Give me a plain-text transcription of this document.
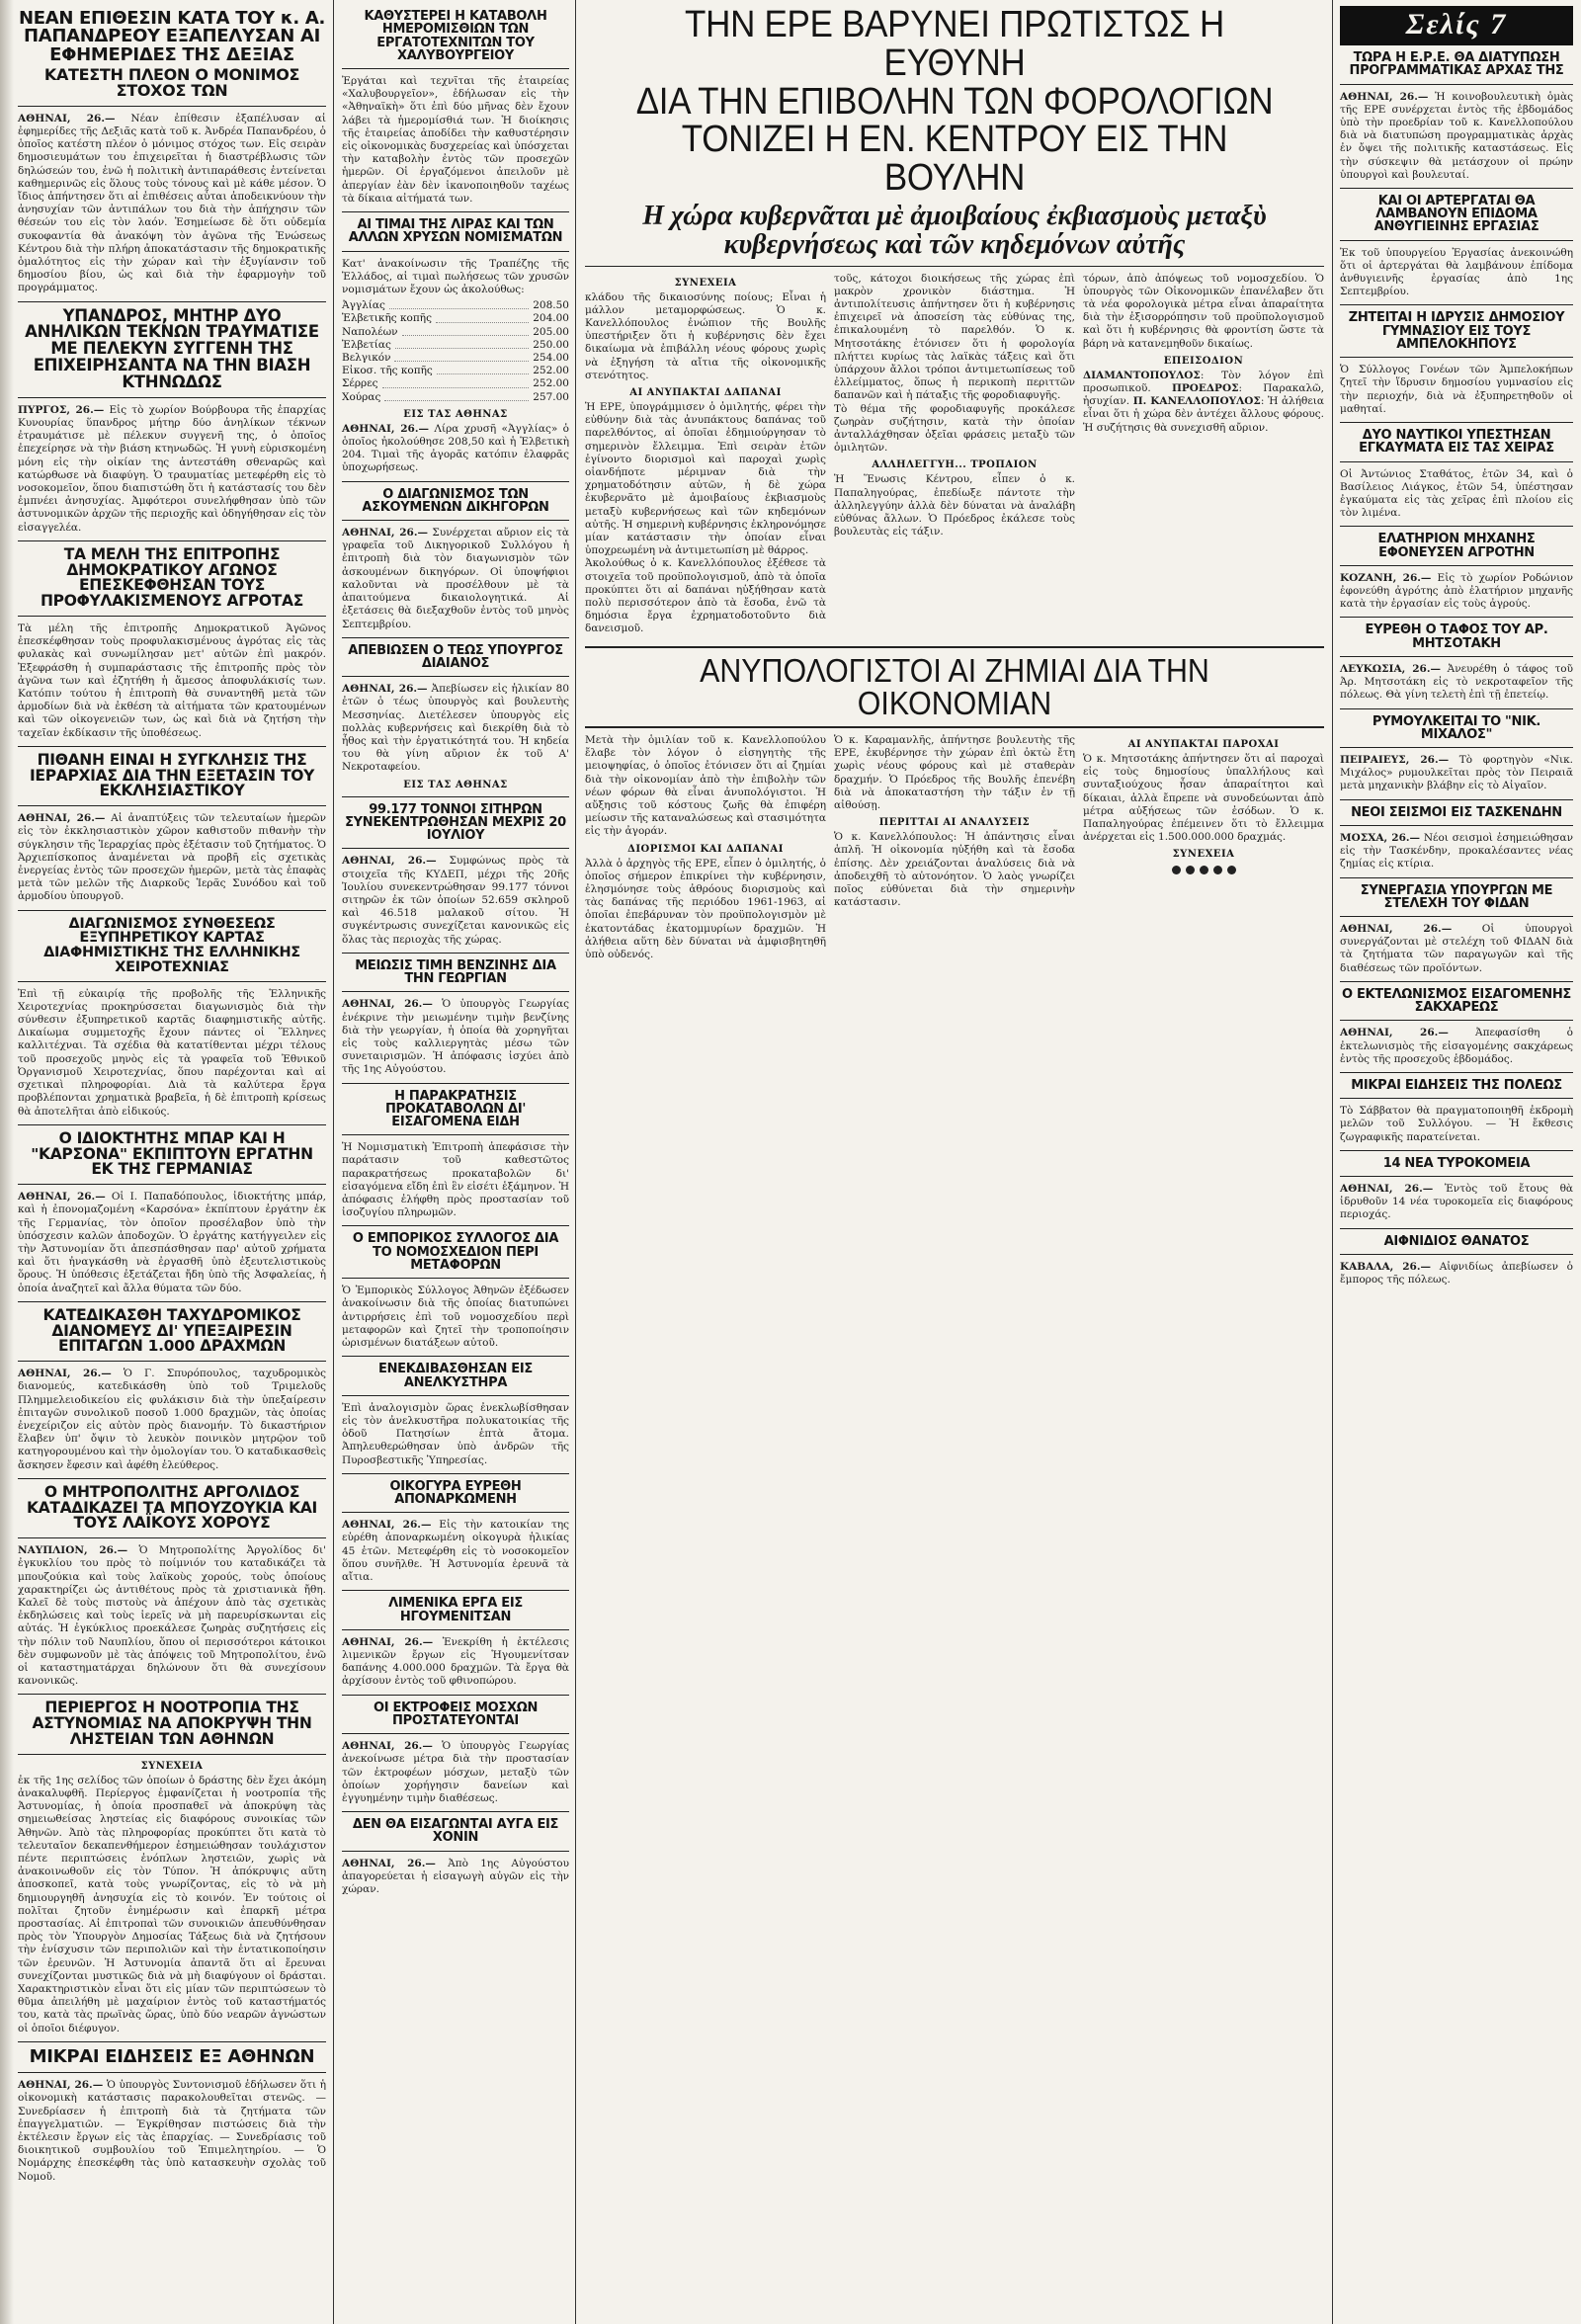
ΝΕΑΝ ΕΠΙΘΕΣΙΝ ΚΑΤΑ ΤΟΥ κ. Α. ΠΑΠΑΝΔΡΕΟΥ ΕΞΑΠΕΛΥΣΑΝ ΑΙ ΕΦΗΜΕΡΙΔΕΣ ΤΗΣ ΔΕΞΙΑΣ

ΚΑΤΕΣΤΗ ΠΛΕΟΝ Ο ΜΟΝΙΜΟΣ ΣΤΟΧΟΣ ΤΩΝ

ΑΘΗΝΑΙ, 26.— Νέαν ἐπίθεσιν ἐξαπέλυσαν αἱ ἐφημερίδες τῆς Δεξιᾶς κατὰ τοῦ κ. Ἀνδρέα Παπανδρέου, ὁ ὁποῖος κατέστη πλέον ὁ μόνιμος στόχος των. Εἰς σειρὰν δημοσιευμάτων του ἐπιχειρεῖται ἡ διαστρέβλωσις τῶν δηλώσεών του, ἐνῶ ἡ πολιτικὴ ἀντιπαράθεσις ἐντείνεται καθημερινῶς εἰς ὅλους τοὺς τόνους καὶ μὲ κάθε μέσον. Ὁ ἴδιος ἀπήντησεν ὅτι αἱ ἐπιθέσεις αὗται ἀποδεικνύουν τὴν ἀνησυχίαν τῶν ἀντιπάλων του διὰ τὴν ἀπήχησιν τῶν θέσεών του εἰς τὸν λαόν. Ἐσημείωσε δὲ ὅτι οὐδεμία συκοφαντία θὰ ἀνακόψη τὸν ἀγῶνα τῆς Ἑνώσεως Κέντρου διὰ τὴν πλήρη ἀποκατάστασιν τῆς δημοκρατικῆς ὁμαλότητος εἰς τὴν χώραν καὶ τὴν ἐξυγίανσιν τοῦ δημοσίου βίου, ὡς καὶ διὰ τὴν ἐφαρμογὴν τοῦ προγράμματος.

ΥΠΑΝΔΡΟΣ, ΜΗΤΗΡ ΔΥΟ ΑΝΗΛΙΚΩΝ ΤΕΚΝΩΝ ΤΡΑΥΜΑΤΙΣΕ ΜΕ ΠΕΛΕΚΥΝ ΣΥΓΓΕΝΗ ΤΗΣ ΕΠΙΧΕΙΡΗΣΑΝΤΑ ΝΑ ΤΗΝ ΒΙΑΣΗ ΚΤΗΝΩΔΩΣ

ΠΥΡΓΟΣ, 26.— Εἰς τὸ χωρίον Βούρβουρα τῆς ἐπαρχίας Κυνουρίας ὕπανδρος μήτηρ δύο ἀνηλίκων τέκνων ἐτραυμάτισε μὲ πέλεκυν συγγενῆ της, ὁ ὁποῖος ἐπεχείρησε νὰ τὴν βιάση κτηνωδῶς. Ἡ γυνὴ εὑρισκομένη μόνη εἰς τὴν οἰκίαν της ἀντεστάθη σθεναρῶς καὶ κατώρθωσε νὰ διαφύγη. Ὁ τραυματίας μετεφέρθη εἰς τὸ νοσοκομεῖον, ὅπου διαπιστώθη ὅτι ἡ κατάστασίς του δὲν ἐμπνέει ἀνησυχίας. Ἀμφότεροι συνελήφθησαν ὑπὸ τῶν ἀστυνομικῶν ἀρχῶν τῆς περιοχῆς καὶ ὁδηγήθησαν εἰς τὸν εἰσαγγελέα.

ΤΑ ΜΕΛΗ ΤΗΣ ΕΠΙΤΡΟΠΗΣ ΔΗΜΟΚΡΑΤΙΚΟΥ ΑΓΩΝΟΣ ΕΠΕΣΚΕΦΘΗΣΑΝ ΤΟΥΣ ΠΡΟΦΥΛΑΚΙΣΜΕΝΟΥΣ ΑΓΡΟΤΑΣ

Τὰ μέλη τῆς ἐπιτροπῆς Δημοκρατικοῦ Ἀγῶνος ἐπεσκέφθησαν τοὺς προφυλακισμένους ἀγρότας εἰς τὰς φυλακὰς καὶ συνωμίλησαν μετ' αὐτῶν ἐπὶ μακρόν. Ἐξεφράσθη ἡ συμπαράστασις τῆς ἐπιτροπῆς πρὸς τὸν ἀγῶνα των καὶ ἐζητήθη ἡ ἄμεσος ἀποφυλάκισίς των. Κατόπιν τούτου ἡ ἐπιτροπὴ θὰ συναντηθῆ μετὰ τῶν ἀρμοδίων διὰ νὰ ἐκθέση τὰ αἰτήματα τῶν κρατουμένων καὶ τῶν οἰκογενειῶν των, ὡς καὶ διὰ νὰ ζητήση τὴν ταχεῖαν ἐκδίκασιν τῆς ὑποθέσεως.

ΠΙΘΑΝΗ ΕΙΝΑΙ Η ΣΥΓΚΛΗΣΙΣ ΤΗΣ ΙΕΡΑΡΧΙΑΣ ΔΙΑ ΤΗΝ ΕΞΕΤΑΣΙΝ ΤΟΥ ΕΚΚΛΗΣΙΑΣΤΙΚΟΥ

ΑΘΗΝΑΙ, 26.— Αἱ ἀναπτύξεις τῶν τελευταίων ἡμερῶν εἰς τὸν ἐκκλησιαστικὸν χῶρον καθιστοῦν πιθανὴν τὴν σύγκλησιν τῆς Ἱεραρχίας πρὸς ἐξέτασιν τοῦ ζητήματος. Ὁ Ἀρχιεπίσκοπος ἀναμένεται νὰ προβῆ εἰς σχετικὰς ἐνεργείας ἐντὸς τῶν προσεχῶν ἡμερῶν, μετὰ τὰς ἐπαφὰς μετὰ τῶν μελῶν τῆς Διαρκοῦς Ἱερᾶς Συνόδου καὶ τοῦ ἁρμοδίου ὑπουργοῦ.

ΔΙΑΓΩΝΙΣΜΟΣ ΣΥΝΘΕΣΕΩΣ ΕΞΥΠΗΡΕΤΙΚΟΥ ΚΑΡΤΑΣ ΔΙΑΦΗΜΙΣΤΙΚΗΣ ΤΗΣ ΕΛΛΗΝΙΚΗΣ ΧΕΙΡΟΤΕΧΝΙΑΣ

Ἐπὶ τῇ εὐκαιρίᾳ τῆς προβολῆς τῆς Ἑλληνικῆς Χειροτεχνίας προκηρύσσεται διαγωνισμὸς διὰ τὴν σύνθεσιν ἐξυπηρετικοῦ καρτᾶς διαφημιστικῆς αὐτῆς. Δικαίωμα συμμετοχῆς ἔχουν πάντες οἱ Ἕλληνες καλλιτέχναι. Τὰ σχέδια θὰ κατατίθενται μέχρι τέλους τοῦ προσεχοῦς μηνὸς εἰς τὰ γραφεῖα τοῦ Ἐθνικοῦ Ὀργανισμοῦ Χειροτεχνίας, ὅπου παρέχονται καὶ αἱ σχετικαὶ πληροφορίαι. Διὰ τὰ καλύτερα ἔργα προβλέπονται χρηματικὰ βραβεῖα, ἡ δὲ ἐπιτροπὴ κρίσεως θὰ ἀποτελῆται ἀπὸ εἰδικούς.

Ο ΙΔΙΟΚΤΗΤΗΣ ΜΠΑΡ ΚΑΙ Η "ΚΑΡΣΟΝΑ" ΕΚΠΙΠΤΟΥΝ ΕΡΓΑΤΗΝ ΕΚ ΤΗΣ ΓΕΡΜΑΝΙΑΣ

ΑΘΗΝΑΙ, 26.— Οἱ Ι. Παπαδόπουλος, ἰδιοκτήτης μπάρ, καὶ ἡ ἐπονομαζομένη «Καρσόνα» ἐκπίπτουν ἐργάτην ἐκ τῆς Γερμανίας, τὸν ὁποῖον προσέλαβον ὑπὸ τὴν ὑπόσχεσιν καλῶν ἀποδοχῶν. Ὁ ἐργάτης κατήγγειλεν εἰς τὴν Ἀστυνομίαν ὅτι ἀπεσπάσθησαν παρ' αὐτοῦ χρήματα καὶ ὅτι ἠναγκάσθη νὰ ἐργασθῆ ὑπὸ ἐξευτελιστικοὺς ὅρους. Ἡ ὑπόθεσις ἐξετάζεται ἤδη ὑπὸ τῆς Ἀσφαλείας, ἡ ὁποία ἀναζητεῖ καὶ ἄλλα θύματα τῶν δύο.

ΚΑΤΕΔΙΚΑΣΘΗ ΤΑΧΥΔΡΟΜΙΚΟΣ ΔΙΑΝΟΜΕΥΣ ΔΙ' ΥΠΕΞΑΙΡΕΣΙΝ ΕΠΙΤΑΓΩΝ 1.000 ΔΡΑΧΜΩΝ

ΑΘΗΝΑΙ, 26.— Ὁ Γ. Σπυρόπουλος, ταχυδρομικὸς διανομεύς, κατεδικάσθη ὑπὸ τοῦ Τριμελοῦς Πλημμελειοδικείου εἰς φυλάκισιν διὰ τὴν ὑπεξαίρεσιν ἐπιταγῶν συνολικοῦ ποσοῦ 1.000 δραχμῶν, τὰς ὁποίας ἐνεχείριζον εἰς αὐτὸν πρὸς διανομήν. Τὸ δικαστήριον ἔλαβεν ὑπ' ὄψιν τὸ λευκὸν ποινικὸν μητρῷον τοῦ κατηγορουμένου καὶ τὴν ὁμολογίαν του. Ὁ καταδικασθεὶς ἄσκησεν ἔφεσιν καὶ ἀφέθη ἐλεύθερος.

Ο ΜΗΤΡΟΠΟΛΙΤΗΣ ΑΡΓΟΛΙΔΟΣ ΚΑΤΑΔΙΚΑΖΕΙ ΤΑ ΜΠΟΥΖΟΥΚΙΑ ΚΑΙ ΤΟΥΣ ΛΑΪΚΟΥΣ ΧΟΡΟΥΣ

ΝΑΥΠΛΙΟΝ, 26.— Ὁ Μητροπολίτης Ἀργολίδος δι' ἐγκυκλίου του πρὸς τὸ ποίμνιόν του καταδικάζει τὰ μπουζούκια καὶ τοὺς λαϊκοὺς χορούς, τοὺς ὁποίους χαρακτηρίζει ὡς ἀντιθέτους πρὸς τὰ χριστιανικὰ ἤθη. Καλεῖ δὲ τοὺς πιστοὺς νὰ ἀπέχουν ἀπὸ τὰς σχετικὰς ἐκδηλώσεις καὶ τοὺς ἱερεῖς νὰ μὴ παρευρίσκωνται εἰς αὐτάς. Ἡ ἐγκύκλιος προεκάλεσε ζωηρὰς συζητήσεις εἰς τὴν πόλιν τοῦ Ναυπλίου, ὅπου οἱ περισσότεροι κάτοικοι δὲν συμφωνοῦν μὲ τὰς ἀπόψεις τοῦ Μητροπολίτου, ἐνῶ οἱ καταστηματάρχαι δηλώνουν ὅτι θὰ συνεχίσουν κανονικῶς.

ΠΕΡΙΕΡΓΟΣ Η ΝΟΟΤΡΟΠΙΑ ΤΗΣ ΑΣΤΥΝΟΜΙΑΣ ΝΑ ΑΠΟΚΡΥΨΗ ΤΗΝ ΛΗΣΤΕΙΑΝ ΤΩΝ ΑΘΗΝΩΝ

ΣΥΝΕΧΕΙΑ

ἐκ τῆς 1ης σελίδος τῶν ὁποίων ὁ δράστης δὲν ἔχει ἀκόμη ἀνακαλυφθῆ. Περίεργος ἐμφανίζεται ἡ νοοτροπία τῆς Ἀστυνομίας, ἡ ὁποία προσπαθεῖ νὰ ἀποκρύψη τὰς σημειωθείσας ληστείας εἰς διαφόρους συνοικίας τῶν Ἀθηνῶν. Ἀπὸ τὰς πληροφορίας προκύπτει ὅτι κατὰ τὸ τελευταῖον δεκαπενθήμερον ἐσημειώθησαν τουλάχιστον πέντε περιπτώσεις ἐνόπλων ληστειῶν, χωρὶς νὰ ἀνακοινωθοῦν εἰς τὸν Τύπον. Ἡ ἀπόκρυψις αὕτη ἀποσκοπεῖ, κατὰ τοὺς γνωρίζοντας, εἰς τὸ νὰ μὴ δημιουργηθῆ ἀνησυχία εἰς τὸ κοινόν. Ἐν τούτοις οἱ πολῖται ζητοῦν ἐνημέρωσιν καὶ ἐπαρκῆ μέτρα προστασίας. Αἱ ἐπιτροπαὶ τῶν συνοικιῶν ἀπευθύνθησαν πρὸς τὸν Ὑπουργὸν Δημοσίας Τάξεως διὰ νὰ ζητήσουν τὴν ἐνίσχυσιν τῶν περιπολιῶν καὶ τὴν ἐντατικοποίησιν τῶν ἐρευνῶν. Ἡ Ἀστυνομία ἀπαντᾶ ὅτι αἱ ἔρευναι συνεχίζονται μυστικῶς διὰ νὰ μὴ διαφύγουν οἱ δράσται. Χαρακτηριστικὸν εἶναι ὅτι εἰς μίαν τῶν περιπτώσεων τὸ θῦμα ἀπειλήθη μὲ μαχαίριον ἐντὸς τοῦ καταστήματός του, κατὰ τὰς πρωϊνὰς ὥρας, ὑπὸ δύο νεαρῶν ἀγνώστων οἱ ὁποῖοι διέφυγον.

ΜΙΚΡΑΙ ΕΙΔΗΣΕΙΣ ΕΞ ΑΘΗΝΩΝ

ΑΘΗΝΑΙ, 26.— Ὁ ὑπουργὸς Συντονισμοῦ ἐδήλωσεν ὅτι ἡ οἰκονομικὴ κατάστασις παρακολουθεῖται στενῶς. — Συνεδρίασεν ἡ ἐπιτροπὴ διὰ τὰ ζητήματα τῶν ἐπαγγελματιῶν. — Ἐγκρίθησαν πιστώσεις διὰ τὴν ἐκτέλεσιν ἔργων εἰς τὰς ἐπαρχίας. — Συνεδρίασις τοῦ διοικητικοῦ συμβουλίου τοῦ Ἐπιμελητηρίου. — Ὁ Νομάρχης ἐπεσκέφθη τὰς ὑπὸ κατασκευὴν σχολὰς τοῦ Νομοῦ.

ΚΑΘΥΣΤΕΡΕΙ Η ΚΑΤΑΒΟΛΗ ΗΜΕΡΟΜΙΣΘΙΩΝ ΤΩΝ ΕΡΓΑΤΟΤΕΧΝΙΤΩΝ ΤΟΥ ΧΑΛΥΒΟΥΡΓΕΙΟΥ

Ἐργάται καὶ τεχνῖται τῆς ἑταιρείας «Χαλυβουργεῖον», ἐδήλωσαν εἰς τὴν «Ἀθηναϊκὴ» ὅτι ἐπὶ δύο μῆνας δὲν ἔχουν λάβει τὰ ἡμερομίσθιά των. Ἡ διοίκησις τῆς ἑταιρείας ἀποδίδει τὴν καθυστέρησιν εἰς οἰκονομικὰς δυσχερείας καὶ ὑπόσχεται τὴν καταβολὴν ἐντὸς τῶν προσεχῶν ἡμερῶν. Οἱ ἐργαζόμενοι ἀπειλοῦν μὲ ἀπεργίαν ἐὰν δὲν ἱκανοποιηθοῦν ταχέως τὰ δίκαια αἰτήματά των.

ΑΙ ΤΙΜΑΙ ΤΗΣ ΛΙΡΑΣ ΚΑΙ ΤΩΝ ΑΛΛΩΝ ΧΡΥΣΩΝ ΝΟΜΙΣΜΑΤΩΝ

Κατ' ἀνακοίνωσιν τῆς Τραπέζης τῆς Ἑλλάδος, αἱ τιμαὶ πωλήσεως τῶν χρυσῶν νομισμάτων ἔχουν ὡς ἀκολούθως:

Ἀγγλίας	208.50
Ἑλβετικῆς κοπῆς	204.00
Ναπολέων	205.00
Ἑλβετίας	250.00
Βελγικόν	254.00
Εἰκοσ. τῆς κοπῆς	252.00
Σέρρες	252.00
Χούρας	257.00

ΕΙΣ ΤΑΣ ΑΘΗΝΑΣ

ΑΘΗΝΑΙ, 26.— Λίρα χρυσῆ «Ἀγγλίας» ὁ ὁποῖος ἠκολούθησε 208,50 καὶ ἡ Ἑλβετικὴ 204. Τιμαὶ τῆς ἀγορᾶς κατόπιν ἐλαφρᾶς ὑποχωρήσεως.

Ο ΔΙΑΓΩΝΙΣΜΟΣ ΤΩΝ ΑΣΚΟΥΜΕΝΩΝ ΔΙΚΗΓΟΡΩΝ

ΑΘΗΝΑΙ, 26.— Συνέρχεται αὔριον εἰς τὰ γραφεῖα τοῦ Δικηγορικοῦ Συλλόγου ἡ ἐπιτροπὴ διὰ τὸν διαγωνισμὸν τῶν ἀσκουμένων δικηγόρων. Οἱ ὑποψήφιοι καλοῦνται νὰ προσέλθουν μὲ τὰ ἀπαιτούμενα δικαιολογητικά. Αἱ ἐξετάσεις θὰ διεξαχθοῦν ἐντὸς τοῦ μηνὸς Σεπτεμβρίου.

ΑΠΕΒΙΩΣΕΝ Ο ΤΕΩΣ ΥΠΟΥΡΓΟΣ ΔΙΑΙΑΝΟΣ

ΑΘΗΝΑΙ, 26.— Ἀπεβίωσεν εἰς ἡλικίαν 80 ἐτῶν ὁ τέως ὑπουργὸς καὶ βουλευτὴς Μεσσηνίας. Διετέλεσεν ὑπουργὸς εἰς πολλὰς κυβερνήσεις καὶ διεκρίθη διὰ τὸ ἦθος καὶ τὴν ἐργατικότητά του. Ἡ κηδεία του θὰ γίνη αὔριον ἐκ τοῦ Α' Νεκροταφείου.

ΕΙΣ ΤΑΣ ΑΘΗΝΑΣ

99.177 ΤΟΝΝΟΙ ΣΙΤΗΡΩΝ ΣΥΝΕΚΕΝΤΡΩΘΗΣΑΝ ΜΕΧΡΙΣ 20 ΙΟΥΛΙΟΥ

ΑΘΗΝΑΙ, 26.— Συμφώνως πρὸς τὰ στοιχεῖα τῆς ΚΥΔΕΠ, μέχρι τῆς 20ῆς Ἰουλίου συνεκεντρώθησαν 99.177 τόννοι σιτηρῶν ἐκ τῶν ὁποίων 52.659 σκληροῦ καὶ 46.518 μαλακοῦ σίτου. Ἡ συγκέντρωσις συνεχίζεται κανονικῶς εἰς ὅλας τὰς περιοχὰς τῆς χώρας.

ΜΕΙΩΣΙΣ ΤΙΜΗ ΒΕΝΖΙΝΗΣ ΔΙΑ ΤΗΝ ΓΕΩΡΓΙΑΝ

ΑΘΗΝΑΙ, 26.— Ὁ ὑπουργὸς Γεωργίας ἐνέκρινε τὴν μειωμένην τιμὴν βενζίνης διὰ τὴν γεωργίαν, ἡ ὁποία θὰ χορηγῆται εἰς τοὺς καλλιεργητὰς μέσω τῶν συνεταιρισμῶν. Ἡ ἀπόφασις ἰσχύει ἀπὸ τῆς 1ης Αὐγούστου.

Η ΠΑΡΑΚΡΑΤΗΣΙΣ ΠΡΟΚΑΤΑΒΟΛΩΝ ΔΙ' ΕΙΣΑΓΟΜΕΝΑ ΕΙΔΗ

Ἡ Νομισματικὴ Ἐπιτροπὴ ἀπεφάσισε τὴν παράτασιν τοῦ καθεστῶτος παρακρατήσεως προκαταβολῶν δι' εἰσαγόμενα εἴδη ἐπὶ ἓν εἰσέτι ἑξάμηνον. Ἡ ἀπόφασις ἐλήφθη πρὸς προστασίαν τοῦ ἰσοζυγίου πληρωμῶν.

Ο ΕΜΠΟΡΙΚΟΣ ΣΥΛΛΟΓΟΣ ΔΙΑ ΤΟ ΝΟΜΟΣΧΕΔΙΟΝ ΠΕΡΙ ΜΕΤΑΦΟΡΩΝ

Ὁ Ἐμπορικὸς Σύλλογος Ἀθηνῶν ἐξέδωσεν ἀνακοίνωσιν διὰ τῆς ὁποίας διατυπώνει ἀντιρρήσεις ἐπὶ τοῦ νομοσχεδίου περὶ μεταφορῶν καὶ ζητεῖ τὴν τροποποίησιν ὡρισμένων διατάξεων αὐτοῦ.

ΕΝΕΚΔΙΒΑΣΘΗΣΑΝ ΕΙΣ ΑΝΕΛΚΥΣΤΗΡΑ

Ἐπὶ ἀναλογισμὸν ὥρας ἐνεκλωβίσθησαν εἰς τὸν ἀνελκυστῆρα πολυκατοικίας τῆς ὁδοῦ Πατησίων ἑπτὰ ἄτομα. Ἀπηλευθερώθησαν ὑπὸ ἀνδρῶν τῆς Πυροσβεστικῆς Ὑπηρεσίας.

ΟΙΚΟΓΥΡΑ ΕΥΡΕΘΗ ΑΠΟΝΑΡΚΩΜΕΝΗ

ΑΘΗΝΑΙ, 26.— Εἰς τὴν κατοικίαν της εὑρέθη ἀποναρκωμένη οἰκογυρὰ ἡλικίας 45 ἐτῶν. Μετεφέρθη εἰς τὸ νοσοκομεῖον ὅπου συνῆλθε. Ἡ Ἀστυνομία ἐρευνᾶ τὰ αἴτια.

ΛΙΜΕΝΙΚΑ ΕΡΓΑ ΕΙΣ ΗΓΟΥΜΕΝΙΤΣΑΝ

ΑΘΗΝΑΙ, 26.— Ἐνεκρίθη ἡ ἐκτέλεσις λιμενικῶν ἔργων εἰς Ἡγουμενίτσαν δαπάνης 4.000.000 δραχμῶν. Τὰ ἔργα θὰ ἀρχίσουν ἐντὸς τοῦ φθινοπώρου.

ΟΙ ΕΚΤΡΟΦΕΙΣ ΜΟΣΧΩΝ ΠΡΟΣΤΑΤΕΥΟΝΤΑΙ

ΑΘΗΝΑΙ, 26.— Ὁ ὑπουργὸς Γεωργίας ἀνεκοίνωσε μέτρα διὰ τὴν προστασίαν τῶν ἐκτροφέων μόσχων, μεταξὺ τῶν ὁποίων χορήγησιν δανείων καὶ ἐγγυημένην τιμὴν διαθέσεως.

ΔΕΝ ΘΑ ΕΙΣΑΓΩΝΤΑΙ ΑΥΓΑ ΕΙΣ ΧΟΝΙΝ

ΑΘΗΝΑΙ, 26.— Ἀπὸ 1ης Αὐγούστου ἀπαγορεύεται ἡ εἰσαγωγὴ αὐγῶν εἰς τὴν χώραν.

ΤΗΝ ΕΡΕ ΒΑΡΥΝΕΙ ΠΡΩΤΙΣΤΩΣ Η ΕΥΘΥΝΗ
ΔΙΑ ΤΗΝ ΕΠΙΒΟΛΗΝ ΤΩΝ ΦΟΡΟΛΟΓΙΩΝ
ΤΟΝΙΖΕΙ Η ΕΝ. ΚΕΝΤΡΟΥ ΕΙΣ ΤΗΝ ΒΟΥΛΗΝ

Η χώρα κυβερνᾶται μὲ ἀμοιβαίους ἐκβιασμοὺς μεταξὺ κυβερνήσεως καὶ τῶν κηδεμόνων αὐτῆς

ΣΥΝΕΧΕΙΑ

κλάδου τῆς δικαιοσύνης ποίους; Εἶναι ἡ μάλλον μεταμορφώσεως. Ὁ κ. Κανελλόπουλος ἐνώπιον τῆς Βουλῆς ὑπεστήριξεν ὅτι ἡ κυβέρνησις δὲν ἔχει δικαίωμα νὰ ἐπιβάλλη νέους φόρους χωρὶς νὰ ἐξηγήση τὰ αἴτια τῆς οἰκονομικῆς στενότητος.

ΑΙ ΑΝΥΠΑΚΤΑΙ ΔΑΠΑΝΑΙ

Ἡ ΕΡΕ, ὑπογράμμισεν ὁ ὁμιλητής, φέρει τὴν εὐθύνην διὰ τὰς ἀνυπάκτους δαπάνας τοῦ παρελθόντος, αἱ ὁποῖαι ἐδημιούργησαν τὸ σημερινὸν ἔλλειμμα. Ἐπὶ σειρὰν ἐτῶν ἐγίνοντο διορισμοὶ καὶ παροχαὶ χωρὶς οἱανδήποτε μέριμναν διὰ τὴν χρηματοδότησιν αὐτῶν, ἡ δὲ χώρα ἐκυβερνᾶτο μὲ ἀμοιβαίους ἐκβιασμοὺς μεταξὺ κυβερνήσεως καὶ τῶν κηδεμόνων αὐτῆς. Ἡ σημερινὴ κυβέρνησις ἐκληρονόμησε μίαν κατάστασιν τὴν ὁποίαν εἶναι ὑποχρεωμένη νὰ ἀντιμετωπίση μὲ θάρρος.

Ἀκολούθως ὁ κ. Κανελλόπουλος ἐξέθεσε τὰ στοιχεῖα τοῦ προϋπολογισμοῦ, ἀπὸ τὰ ὁποῖα προκύπτει ὅτι αἱ δαπάναι ηὐξήθησαν κατὰ πολὺ περισσότερον ἀπὸ τὰ ἔσοδα, ἐνῶ τὰ δημόσια ἔργα ἐχρηματοδοτοῦντο διὰ δανεισμοῦ.

τοῦς, κάτοχοι διοικήσεως τῆς χώρας ἐπὶ μακρὸν χρονικὸν διάστημα. Ἡ ἀντιπολίτευσις ἀπήντησεν ὅτι ἡ κυβέρνησις ἐπιχειρεῖ νὰ ἀποσείση τὰς εὐθύνας της, ἐπικαλουμένη τὸ παρελθόν. Ὁ κ. Μητσοτάκης ἐτόνισεν ὅτι ἡ φορολογία πλήττει κυρίως τὰς λαϊκὰς τάξεις καὶ ὅτι ὑπάρχουν ἄλλοι τρόποι ἀντιμετωπίσεως τοῦ ἐλλείμματος, ὅπως ἡ περικοπὴ περιττῶν δαπανῶν καὶ ἡ πάταξις τῆς φοροδιαφυγῆς.

Τὸ θέμα τῆς φοροδιαφυγῆς προκάλεσε ζωηρὰν συζήτησιν, κατὰ τὴν ὁποίαν ἀνταλλάχθησαν ὀξεῖαι φράσεις μεταξὺ τῶν ὁμιλητῶν.

ΑΛΛΗΛΕΓΓΥΗ... ΤΡΟΠΑΙΟΝ

Ἡ Ἕνωσις Κέντρου, εἶπεν ὁ κ. Παπαληγούρας, ἐπεδίωξε πάντοτε τὴν ἀλληλεγγύην ἀλλὰ δὲν δύναται νὰ ἀναλάβη εὐθύνας ἄλλων. Ὁ Πρόεδρος ἐκάλεσε τοὺς βουλευτὰς εἰς τάξιν.

τόρων, ἀπὸ ἀπόψεως τοῦ νομοσχεδίου. Ὁ ὑπουργὸς τῶν Οἰκονομικῶν ἐπανέλαβεν ὅτι τὰ νέα φορολογικὰ μέτρα εἶναι ἀπαραίτητα διὰ τὴν ἐξισορρόπησιν τοῦ προϋπολογισμοῦ καὶ ὅτι ἡ κυβέρνησις θὰ φροντίση ὥστε τὰ βάρη νὰ κατανεμηθοῦν δικαίως.

ΕΠΕΙΣΟΔΙΟΝ

ΔΙΑΜΑΝΤΟΠΟΥΛΟΣ: Τὸν λόγον ἐπὶ προσωπικοῦ. ΠΡΟΕΔΡΟΣ: Παρακαλῶ, ἡσυχίαν. Π. ΚΑΝΕΛΛΟΠΟΥΛΟΣ: Ἡ ἀλήθεια εἶναι ὅτι ἡ χώρα δὲν ἀντέχει ἄλλους φόρους. Ἡ συζήτησις θὰ συνεχισθῆ αὔριον.

ΑΝΥΠΟΛΟΓΙΣΤΟΙ ΑΙ ΖΗΜΙΑΙ ΔΙΑ ΤΗΝ ΟΙΚΟΝΟΜΙΑΝ

Μετὰ τὴν ὁμιλίαν τοῦ κ. Κανελλοπούλου ἔλαβε τὸν λόγον ὁ εἰσηγητὴς τῆς μειοψηφίας, ὁ ὁποῖος ἐτόνισεν ὅτι αἱ ζημίαι διὰ τὴν οἰκονομίαν ἀπὸ τὴν ἐπιβολὴν τῶν νέων φόρων θὰ εἶναι ἀνυπολόγιστοι. Ἡ αὔξησις τοῦ κόστους ζωῆς θὰ ἐπιφέρη μείωσιν τῆς καταναλώσεως καὶ στασιμότητα εἰς τὴν ἀγοράν.

ΔΙΟΡΙΣΜΟΙ ΚΑΙ ΔΑΠΑΝΑΙ

Ἀλλὰ ὁ ἀρχηγὸς τῆς ΕΡΕ, εἶπεν ὁ ὁμιλητής, ὁ ὁποῖος σήμερον ἐπικρίνει τὴν κυβέρνησιν, ἐλησμόνησε τοὺς ἀθρόους διορισμοὺς καὶ τὰς δαπάνας τῆς περιόδου 1961-1963, αἱ ὁποῖαι ἐπεβάρυναν τὸν προϋπολογισμὸν μὲ ἑκατοντάδας ἑκατομμυρίων δραχμῶν. Ἡ ἀλήθεια αὕτη δὲν δύναται νὰ ἀμφισβητηθῆ ὑπὸ οὐδενός.

Ὁ κ. Καραμανλῆς, ἀπήντησε βουλευτὴς τῆς ΕΡΕ, ἐκυβέρνησε τὴν χώραν ἐπὶ ὀκτὼ ἔτη χωρὶς νέους φόρους καὶ μὲ σταθερὰν δραχμήν. Ὁ Πρόεδρος τῆς Βουλῆς ἐπενέβη διὰ νὰ ἀποκαταστήση τὴν τάξιν ἐν τῇ αἰθούσῃ.

ΠΕΡΙΤΤΑΙ ΑΙ ΑΝΑΛΥΣΕΙΣ

Ὁ κ. Κανελλόπουλος: Ἡ ἀπάντησις εἶναι ἁπλῆ. Ἡ οἰκονομία ηὐξήθη καὶ τὰ ἔσοδα ἐπίσης. Δὲν χρειάζονται ἀναλύσεις διὰ νὰ ἀποδειχθῆ τὸ αὐτονόητον. Ὁ λαὸς γνωρίζει ποῖος εὐθύνεται διὰ τὴν σημερινὴν κατάστασιν.

ΑΙ ΑΝΥΠΑΚΤΑΙ ΠΑΡΟΧΑΙ

Ὁ κ. Μητσοτάκης ἀπήντησεν ὅτι αἱ παροχαὶ εἰς τοὺς δημοσίους ὑπαλλήλους καὶ συνταξιούχους ἦσαν ἀπαραίτητοι καὶ δίκαιαι, ἀλλὰ ἔπρεπε νὰ συνοδεύωνται ἀπὸ μέτρα αὐξήσεως τῶν ἐσόδων. Ὁ κ. Παπαληγούρας ἐπέμεινεν ὅτι τὸ ἔλλειμμα ἀνέρχεται εἰς 1.500.000.000 δραχμάς.

ΣΥΝΕΧΕΙΑ

Σελίς 7
ΤΩΡΑ Η Ε.Ρ.Ε. ΘΑ ΔΙΑΤΥΠΩΣΗ ΠΡΟΓΡΑΜΜΑΤΙΚΑΣ ΑΡΧΑΣ ΤΗΣ

ΑΘΗΝΑΙ, 26.— Ἡ κοινοβουλευτικὴ ὁμὰς τῆς ΕΡΕ συνέρχεται ἐντὸς τῆς ἑβδομάδος ὑπὸ τὴν προεδρίαν τοῦ κ. Κανελλοπούλου διὰ νὰ διατυπώση προγραμματικὰς ἀρχὰς ἐν ὄψει τῆς πολιτικῆς καταστάσεως. Εἰς τὴν σύσκεψιν θὰ μετάσχουν οἱ πρώην ὑπουργοὶ καὶ βουλευταί.

ΚΑΙ ΟΙ ΑΡΤΕΡΓΑΤΑΙ ΘΑ ΛΑΜΒΑΝΟΥΝ ΕΠΙΔΟΜΑ ΑΝΘΥΓΙΕΙΝΗΣ ΕΡΓΑΣΙΑΣ

Ἐκ τοῦ ὑπουργείου Ἐργασίας ἀνεκοινώθη ὅτι οἱ ἀρτεργάται θὰ λαμβάνουν ἐπίδομα ἀνθυγιεινῆς ἐργασίας ἀπὸ 1ης Σεπτεμβρίου.

ΖΗΤΕΙΤΑΙ Η ΙΔΡΥΣΙΣ ΔΗΜΟΣΙΟΥ ΓΥΜΝΑΣΙΟΥ ΕΙΣ ΤΟΥΣ ΑΜΠΕΛΟΚΗΠΟΥΣ

Ὁ Σύλλογος Γονέων τῶν Ἀμπελοκήπων ζητεῖ τὴν ἵδρυσιν δημοσίου γυμνασίου εἰς τὴν περιοχήν, διὰ νὰ ἐξυπηρετηθοῦν οἱ μαθηταί.

ΔΥΟ ΝΑΥΤΙΚΟΙ ΥΠΕΣΤΗΣΑΝ ΕΓΚΑΥΜΑΤΑ ΕΙΣ ΤΑΣ ΧΕΙΡΑΣ

Οἱ Ἀντώνιος Σταθάτος, ἐτῶν 34, καὶ ὁ Βασίλειος Λιάγκος, ἐτῶν 54, ὑπέστησαν ἐγκαύματα εἰς τὰς χεῖρας ἐπὶ πλοίου εἰς τὸν λιμένα.

ΕΛΑΤΗΡΙΟΝ ΜΗΧΑΝΗΣ ΕΦΟΝΕΥΣΕΝ ΑΓΡΟΤΗΝ

ΚΟΖΑΝΗ, 26.— Εἰς τὸ χωρίον Ροδώνιον ἐφονεύθη ἀγρότης ἀπὸ ἐλατήριον μηχανῆς κατὰ τὴν ἐργασίαν εἰς τοὺς ἀγρούς.

ΕΥΡΕΘΗ Ο ΤΑΦΟΣ ΤΟΥ ΑΡ. ΜΗΤΣΟΤΑΚΗ

ΛΕΥΚΩΣΙΑ, 26.— Ἀνευρέθη ὁ τάφος τοῦ Ἀρ. Μητσοτάκη εἰς τὸ νεκροταφεῖον τῆς πόλεως. Θὰ γίνη τελετὴ ἐπὶ τῇ ἐπετείῳ.

ΡΥΜΟΥΛΚΕΙΤΑΙ ΤΟ "ΝΙΚ. ΜΙΧΑΛΟΣ"

ΠΕΙΡΑΙΕΥΣ, 26.— Τὸ φορτηγὸν «Νικ. Μιχάλος» ρυμουλκεῖται πρὸς τὸν Πειραιᾶ μετὰ μηχανικὴν βλάβην εἰς τὸ Αἰγαῖον.

ΝΕΟΙ ΣΕΙΣΜΟΙ ΕΙΣ ΤΑΣΚΕΝΔΗΝ

ΜΟΣΧΑ, 26.— Νέοι σεισμοὶ ἐσημειώθησαν εἰς τὴν Τασκένδην, προκαλέσαντες νέας ζημίας εἰς κτίρια.

ΣΥΝΕΡΓΑΣΙΑ ΥΠΟΥΡΓΩΝ ΜΕ ΣΤΕΛΕΧΗ ΤΟΥ ΦΙΔΑΝ

ΑΘΗΝΑΙ, 26.— Οἱ ὑπουργοὶ συνεργάζονται μὲ στελέχη τοῦ ΦΙΔΑΝ διὰ τὰ ζητήματα τῶν παραγωγῶν καὶ τῆς διαθέσεως τῶν προϊόντων.

Ο ΕΚΤΕΛΩΝΙΣΜΟΣ ΕΙΣΑΓΟΜΕΝΗΣ ΣΑΚΧΑΡΕΩΣ

ΑΘΗΝΑΙ, 26.— Ἀπεφασίσθη ὁ ἐκτελωνισμὸς τῆς εἰσαγομένης σακχάρεως ἐντὸς τῆς προσεχοῦς ἑβδομάδος.

ΜΙΚΡΑΙ ΕΙΔΗΣΕΙΣ ΤΗΣ ΠΟΛΕΩΣ

Τὸ Σάββατον θὰ πραγματοποιηθῆ ἐκδρομὴ μελῶν τοῦ Συλλόγου. — Ἡ ἔκθεσις ζωγραφικῆς παρατείνεται.

14 ΝΕΑ ΤΥΡΟΚΟΜΕΙΑ

ΑΘΗΝΑΙ, 26.— Ἐντὸς τοῦ ἔτους θὰ ἱδρυθοῦν 14 νέα τυροκομεῖα εἰς διαφόρους περιοχάς.

ΑΙΦΝΙΔΙΟΣ ΘΑΝΑΤΟΣ

ΚΑΒΑΛΑ, 26.— Αἰφνιδίως ἀπεβίωσεν ὁ ἔμπορος τῆς πόλεως.
